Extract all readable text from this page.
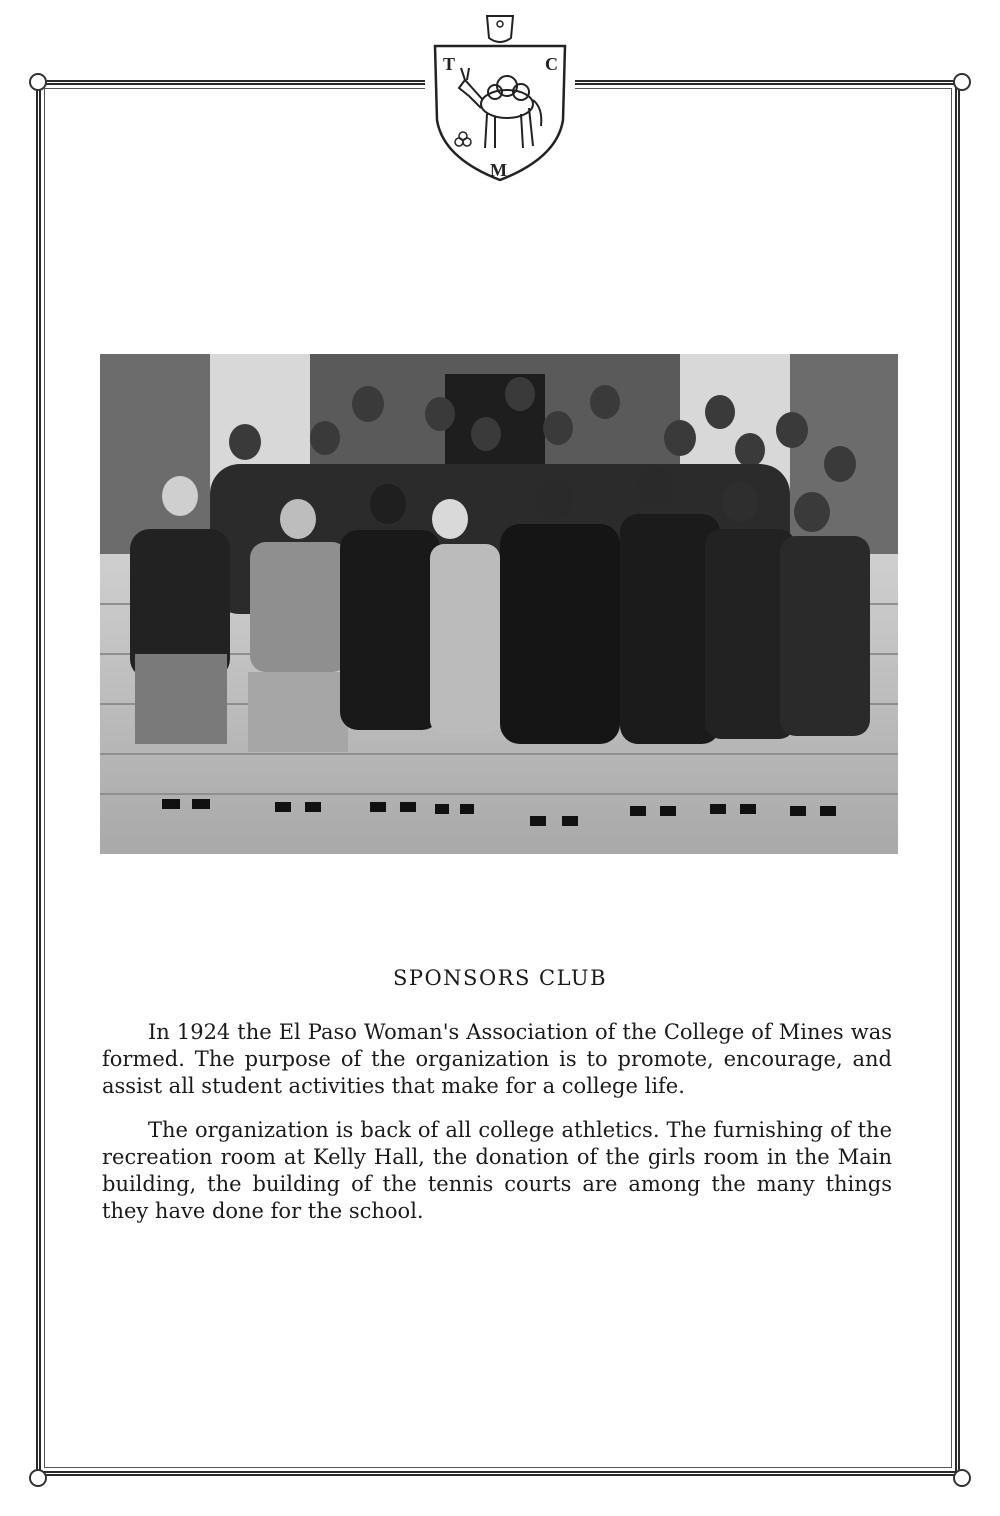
T	C
M
SPONSORS CLUB

In 1924 the El Paso Woman's Association of the College of Mines was formed. The purpose of the organization is to promote, encourage, and assist all student activities that make for a college life.

The organization is back of all college athletics. The furnishing of the recreation room at Kelly Hall, the donation of the girls room in the Main building, the building of the tennis courts are among the many things they have done for the school.
